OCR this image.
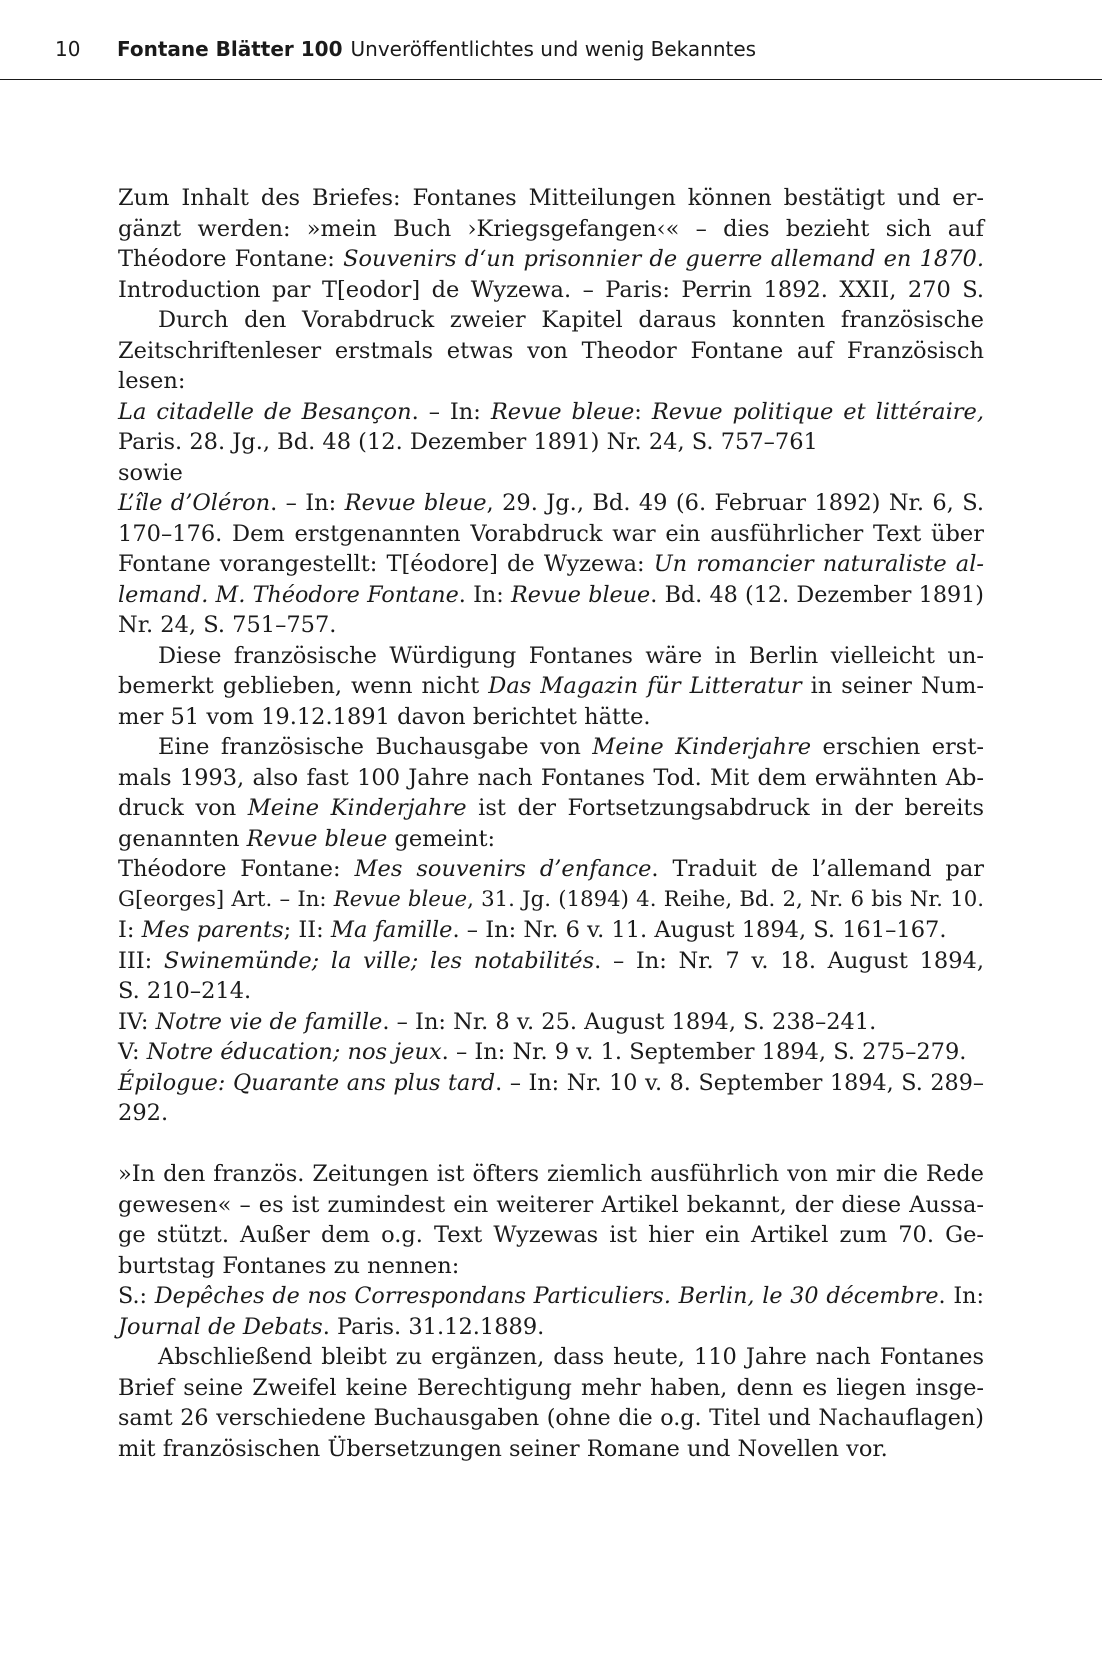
10 Fontane Blätter 100 Unveröffentlichtes und wenig Bekanntes
Zum Inhalt des Briefes: Fontanes Mitteilungen können bestätigt und er-
gänzt werden: »mein Buch ›Kriegsgefangen‹« – dies bezieht sich auf
Théodore Fontane: Souvenirs d‘un prisonnier de guerre allemand en 1870.
Introduction par T[eodor] de Wyzewa. – Paris: Perrin 1892. XXII, 270 S.
Durch den Vorabdruck zweier Kapitel daraus konnten französische
Zeitschriftenleser erstmals etwas von Theodor Fontane auf Französisch
lesen:
La citadelle de Besançon. – In: Revue bleue: Revue politique et littéraire,
Paris. 28. Jg., Bd. 48 (12. Dezember 1891) Nr. 24, S. 757–761
sowie
L’île d’Oléron. – In: Revue bleue, 29. Jg., Bd. 49 (6. Februar 1892) Nr. 6, S.
170–176. Dem erstgenannten Vorabdruck war ein ausführlicher Text über
Fontane vorangestellt: T[éodore] de Wyzewa: Un romancier naturaliste al-
lemand. M. Théodore Fontane. In: Revue bleue. Bd. 48 (12. Dezember 1891)
Nr. 24, S. 751–757.
Diese französische Würdigung Fontanes wäre in Berlin vielleicht un-
bemerkt geblieben, wenn nicht Das Magazin für Litteratur in seiner Num-
mer 51 vom 19.12.1891 davon berichtet hätte.
Eine französische Buchausgabe von Meine Kinderjahre erschien erst-
mals 1993, also fast 100 Jahre nach Fontanes Tod. Mit dem erwähnten Ab-
druck von Meine Kinderjahre ist der Fortsetzungsabdruck in der bereits
genannten Revue bleue gemeint:
Théodore Fontane: Mes souvenirs d’enfance. Traduit de l’allemand par
G[eorges] Art. – In: Revue bleue, 31. Jg. (1894) 4. Reihe, Bd. 2, Nr. 6 bis Nr. 10.
I: Mes parents; II: Ma famille. – In: Nr. 6 v. 11. August 1894, S. 161–167.
III: Swinemünde; la ville; les notabilités. – In: Nr. 7 v. 18. August 1894,
S. 210–214.
IV: Notre vie de famille. – In: Nr. 8 v. 25. August 1894, S. 238–241.
V: Notre éducation; nos jeux. – In: Nr. 9 v. 1. September 1894, S. 275–279.
Épilogue: Quarante ans plus tard. – In: Nr. 10 v. 8. September 1894, S. 289–
292.
»In den französ. Zeitungen ist öfters ziemlich ausführlich von mir die Rede
gewesen« – es ist zumindest ein weiterer Artikel bekannt, der diese Aussa-
ge stützt. Außer dem o.g. Text Wyzewas ist hier ein Artikel zum 70. Ge-
burtstag Fontanes zu nennen:
S.: Depêches de nos Correspondans Particuliers. Berlin, le 30 décembre. In:
Journal de Debats. Paris. 31.12.1889.
Abschließend bleibt zu ergänzen, dass heute, 110 Jahre nach Fontanes
Brief seine Zweifel keine Berechtigung mehr haben, denn es liegen insge-
samt 26 verschiedene Buchausgaben (ohne die o.g. Titel und Nachauflagen)
mit französischen Übersetzungen seiner Romane und Novellen vor.
